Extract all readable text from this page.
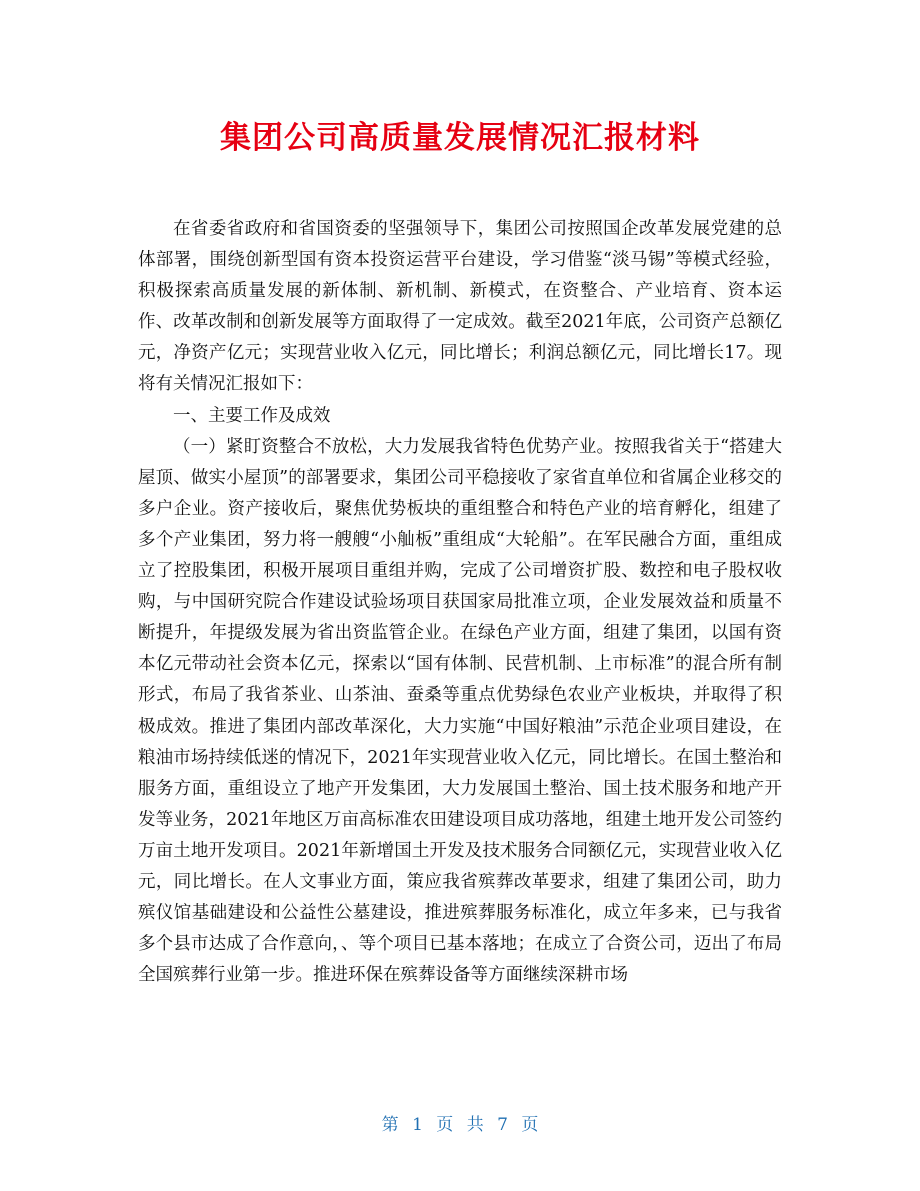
集团公司高质量发展情况汇报材料

在省委省政府和省国资委的坚强领导下，集团公司按照国企改革发展党建的总体部署，围绕创新型国有资本投资运营平台建设，学习借鉴“淡马锡”等模式经验，积极探索高质量发展的新体制、新机制、新模式，在资整合、产业培育、资本运作、改革改制和创新发展等方面取得了一定成效。截至2021年底，公司资产总额亿元，净资产亿元；实现营业收入亿元，同比增长；利润总额亿元，同比增长17。现将有关情况汇报如下：

一、主要工作及成效

（一）紧盯资整合不放松，大力发展我省特色优势产业。按照我省关于“搭建大屋顶、做实小屋顶”的部署要求，集团公司平稳接收了家省直单位和省属企业移交的多户企业。资产接收后，聚焦优势板块的重组整合和特色产业的培育孵化，组建了多个产业集团，努力将一艘艘“小舢板”重组成“大轮船”。在军民融合方面，重组成立了控股集团，积极开展项目重组并购，完成了公司增资扩股、数控和电子股权收购，与中国研究院合作建设试验场项目获国家局批准立项，企业发展效益和质量不断提升，年提级发展为省出资监管企业。在绿色产业方面，组建了集团，以国有资本亿元带动社会资本亿元，探索以“国有体制、民营机制、上市标准”的混合所有制形式，布局了我省茶业、山茶油、蚕桑等重点优势绿色农业产业板块，并取得了积极成效。推进了集团内部改革深化，大力实施“中国好粮油”示范企业项目建设，在粮油市场持续低迷的情况下，2021年实现营业收入亿元，同比增长。在国土整治和服务方面，重组设立了地产开发集团，大力发展国土整治、国土技术服务和地产开发等业务，2021年地区万亩高标准农田建设项目成功落地，组建土地开发公司签约万亩土地开发项目。2021年新增国土开发及技术服务合同额亿元，实现营业收入亿元，同比增长。在人文事业方面，策应我省殡葬改革要求，组建了集团公司，助力殡仪馆基础建设和公益性公墓建设，推进殡葬服务标准化，成立年多来，已与我省多个县市达成了合作意向，、等个项目已基本落地；在成立了合资公司，迈出了布局全国殡葬行业第一步。推进环保在殡葬设备等方面继续深耕市场

第 1 页 共 7 页
